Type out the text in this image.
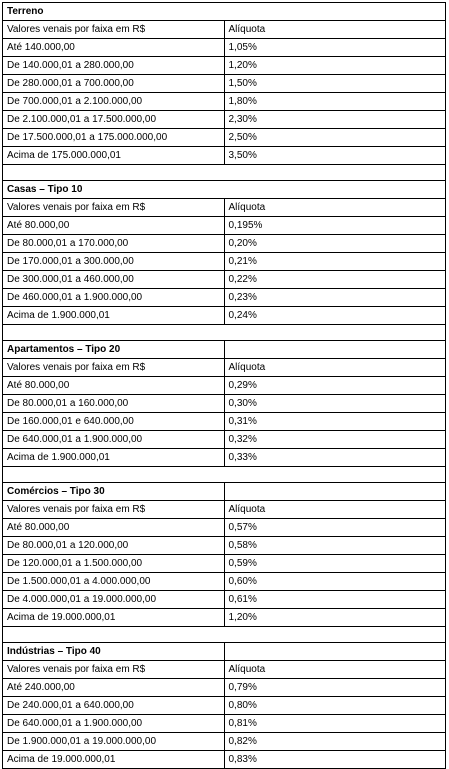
Terreno	
Valores venais por faixa em R$	Alíquota
Até 140.000,00	1,05%
De 140.000,01 a 280.000,00	1,20%
De 280.000,01 a 700.000,00	1,50%
De 700.000,01 a 2.100.000,00	1,80%
De 2.100.000,01 a 17.500.000,00	2,30%
De 17.500.000,01 a 175.000.000,00	2,50%
Acima de 175.000.000,01	3,50%

Casas – Tipo 10	
Valores venais por faixa em R$	Alíquota
Até 80.000,00	0,195%
De 80.000,01 a 170.000,00	0,20%
De 170.000,01 a 300.000,00	0,21%
De 300.000,01 a 460.000,00	0,22%
De 460.000,01 a 1.900.000,00	0,23%
Acima de 1.900.000,01	0,24%

Apartamentos – Tipo 20	
Valores venais por faixa em R$	Alíquota
Até 80.000,00	0,29%
De 80.000,01 a 160.000,00	0,30%
De 160.000,01 e 640.000,00	0,31%
De 640.000,01 a 1.900.000,00	0,32%
Acima de 1.900.000,01	0,33%

Comércios – Tipo 30	
Valores venais por faixa em R$	Alíquota
Até 80.000,00	0,57%
De 80.000,01 a 120.000,00	0,58%
De 120.000,01 a 1.500.000,00	0,59%
De 1.500.000,01 a 4.000.000,00	0,60%
De 4.000.000,01 a 19.000.000,00	0,61%
Acima de 19.000.000,01	1,20%

Indústrias – Tipo 40	
Valores venais por faixa em R$	Alíquota
Até 240.000,00	0,79%
De 240.000,01 a 640.000,00	0,80%
De 640.000,01 a 1.900.000,00	0,81%
De 1.900.000,01 a 19.000.000,00	0,82%
Acima de 19.000.000,01	0,83%
